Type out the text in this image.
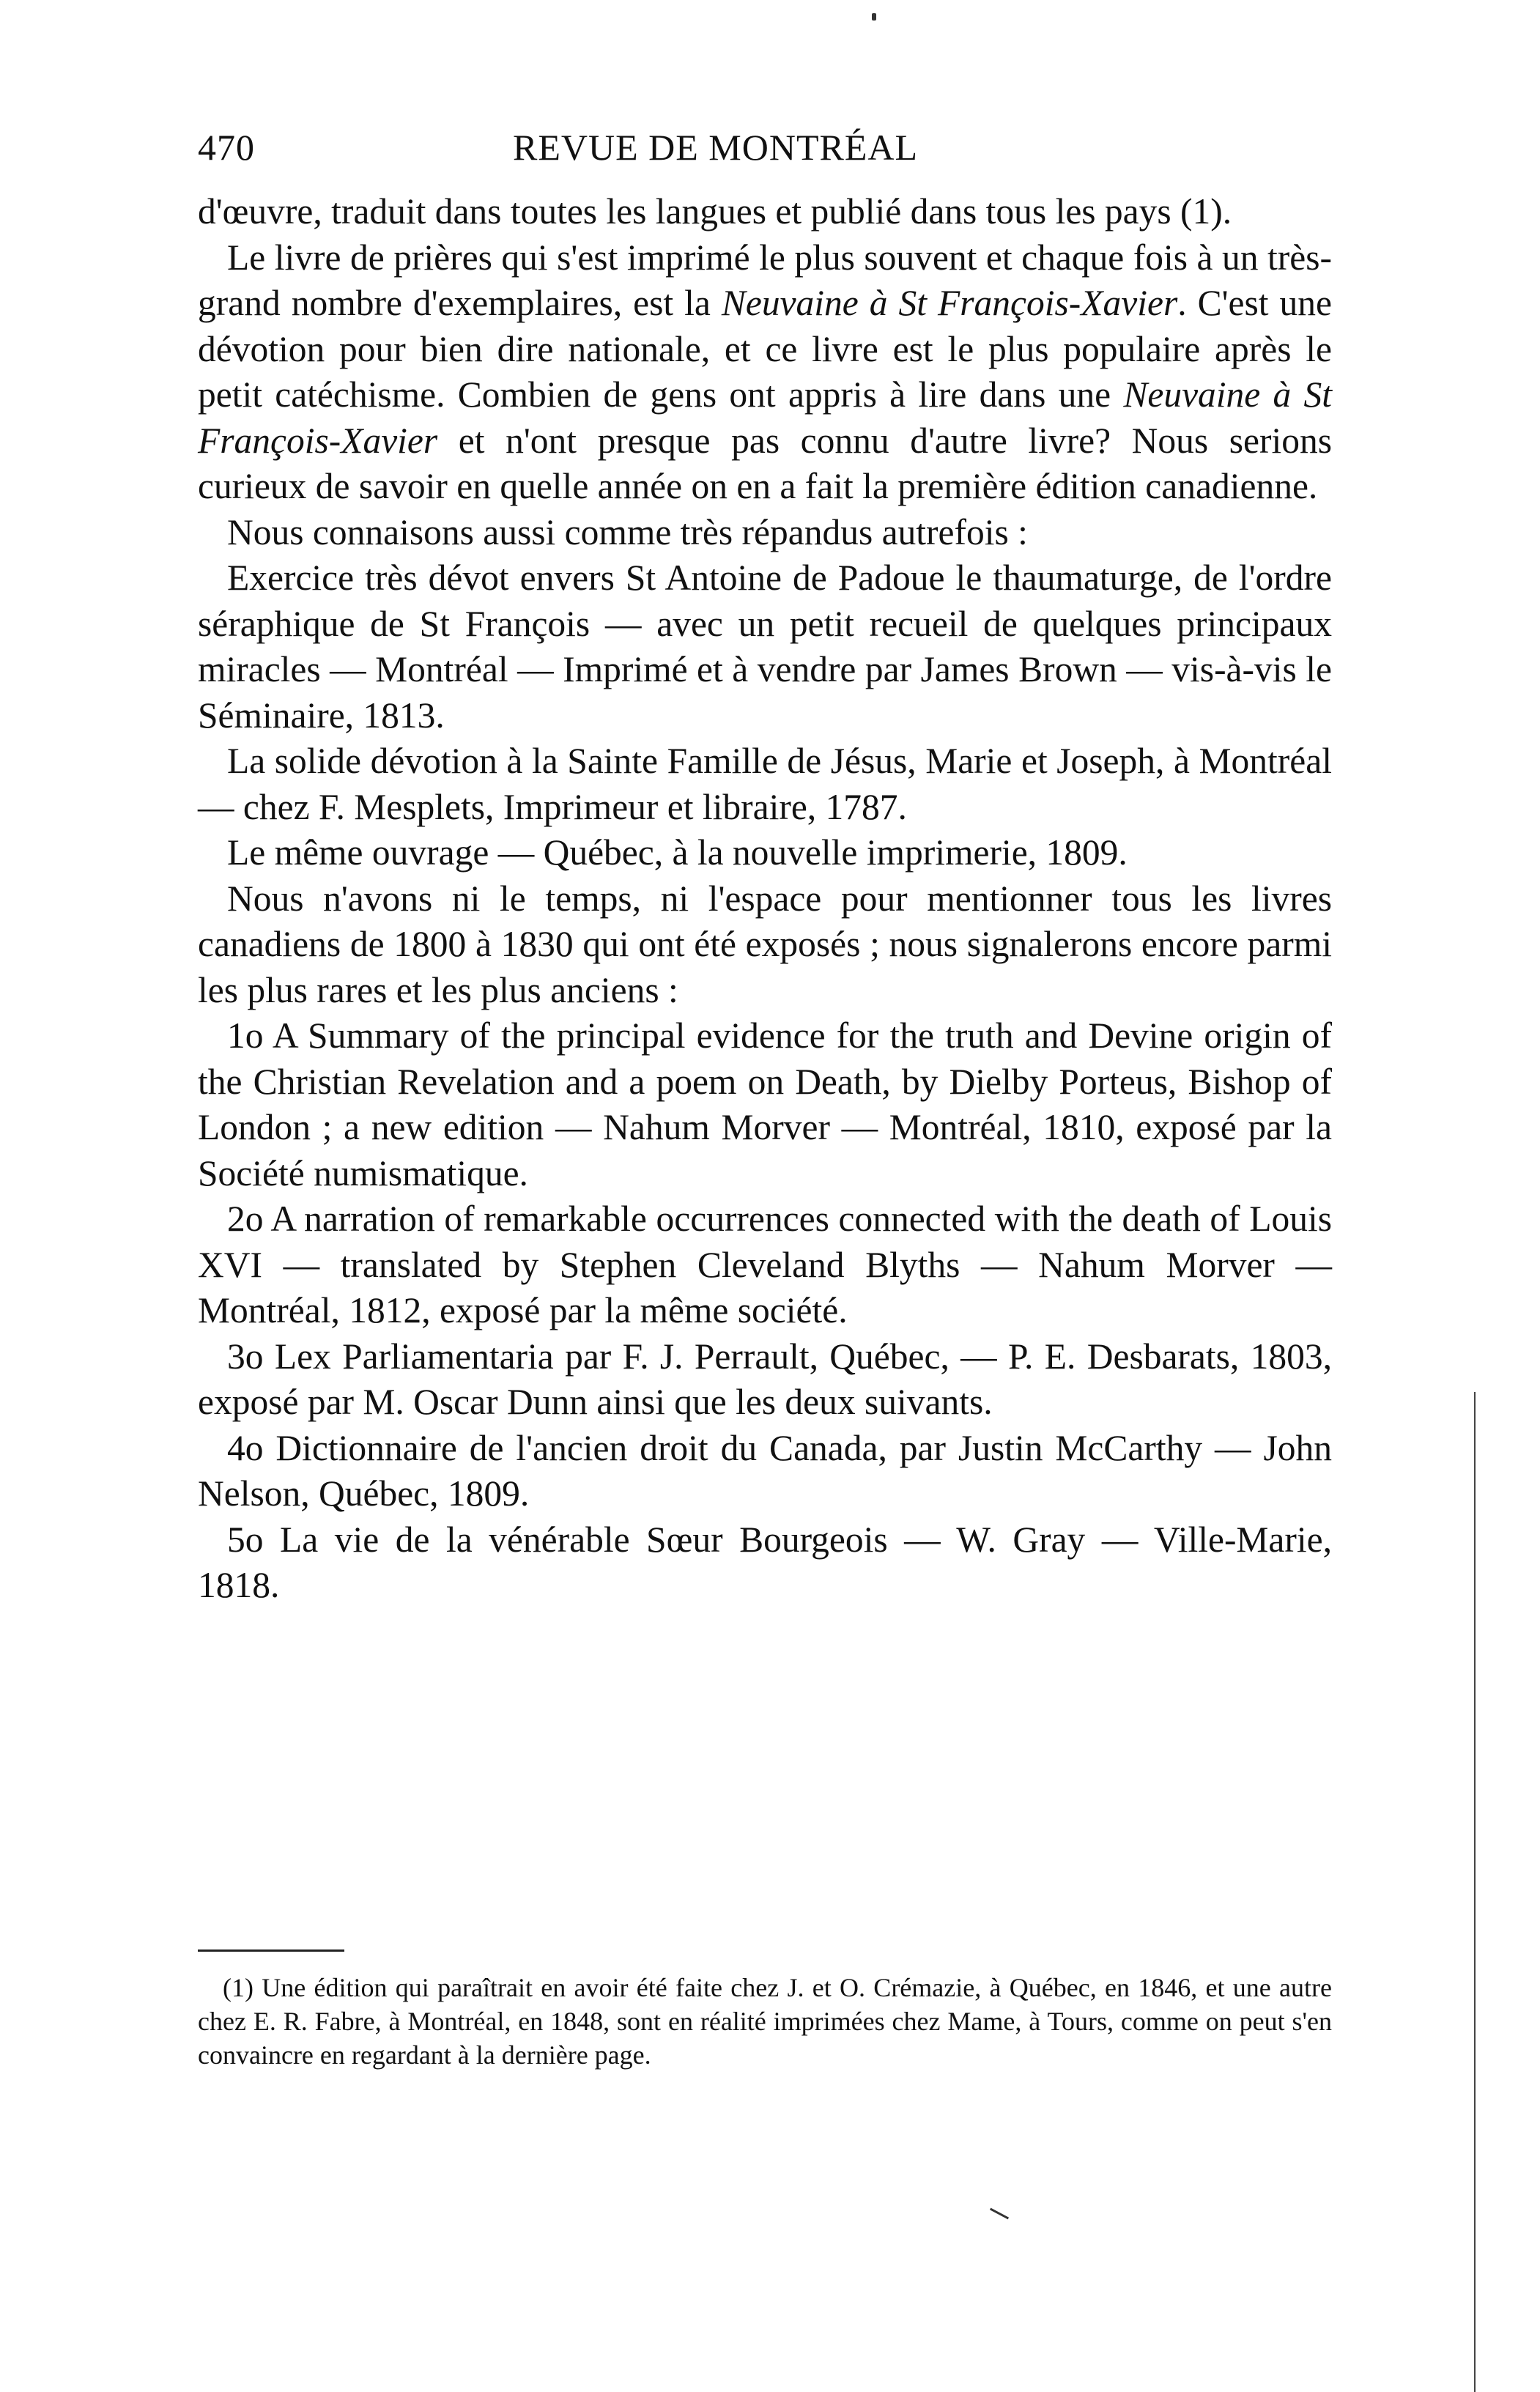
470	REVUE DE MONTRÉAL

d'œuvre, traduit dans toutes les langues et publié dans tous les pays (1).

Le livre de prières qui s'est imprimé le plus souvent et chaque fois à un très-grand nombre d'exemplaires, est la Neuvaine à St François-Xavier. C'est une dévotion pour bien dire nationale, et ce livre est le plus populaire après le petit catéchisme. Combien de gens ont appris à lire dans une Neuvaine à St François-Xavier et n'ont presque pas connu d'autre livre? Nous serions curieux de savoir en quelle année on en a fait la première édition canadienne.

Nous connaisons aussi comme très répandus autrefois :

Exercice très dévot envers St Antoine de Padoue le thaumaturge, de l'ordre séraphique de St François — avec un petit recueil de quelques principaux miracles — Montréal — Imprimé et à vendre par James Brown — vis-à-vis le Séminaire, 1813.

La solide dévotion à la Sainte Famille de Jésus, Marie et Joseph, à Montréal — chez F. Mesplets, Imprimeur et libraire, 1787.

Le même ouvrage — Québec, à la nouvelle imprimerie, 1809.

Nous n'avons ni le temps, ni l'espace pour mentionner tous les livres canadiens de 1800 à 1830 qui ont été exposés ; nous signalerons encore parmi les plus rares et les plus anciens :

1o A Summary of the principal evidence for the truth and Devine origin of the Christian Revelation and a poem on Death, by Dielby Porteus, Bishop of London ; a new edition — Nahum Morver — Montréal, 1810, exposé par la Société numismatique.

2o A narration of remarkable occurrences connected with the death of Louis XVI — translated by Stephen Cleveland Blyths — Nahum Morver — Montréal, 1812, exposé par la même société.

3o Lex Parliamentaria par F. J. Perrault, Québec, — P. E. Desbarats, 1803, exposé par M. Oscar Dunn ainsi que les deux suivants.

4o Dictionnaire de l'ancien droit du Canada, par Justin McCarthy — John Nelson, Québec, 1809.

5o La vie de la vénérable Sœur Bourgeois — W. Gray — Ville-Marie, 1818.

(1) Une édition qui paraîtrait en avoir été faite chez J. et O. Crémazie, à Québec, en 1846, et une autre chez E. R. Fabre, à Montréal, en 1848, sont en réalité imprimées chez Mame, à Tours, comme on peut s'en convaincre en regardant à la dernière page.
